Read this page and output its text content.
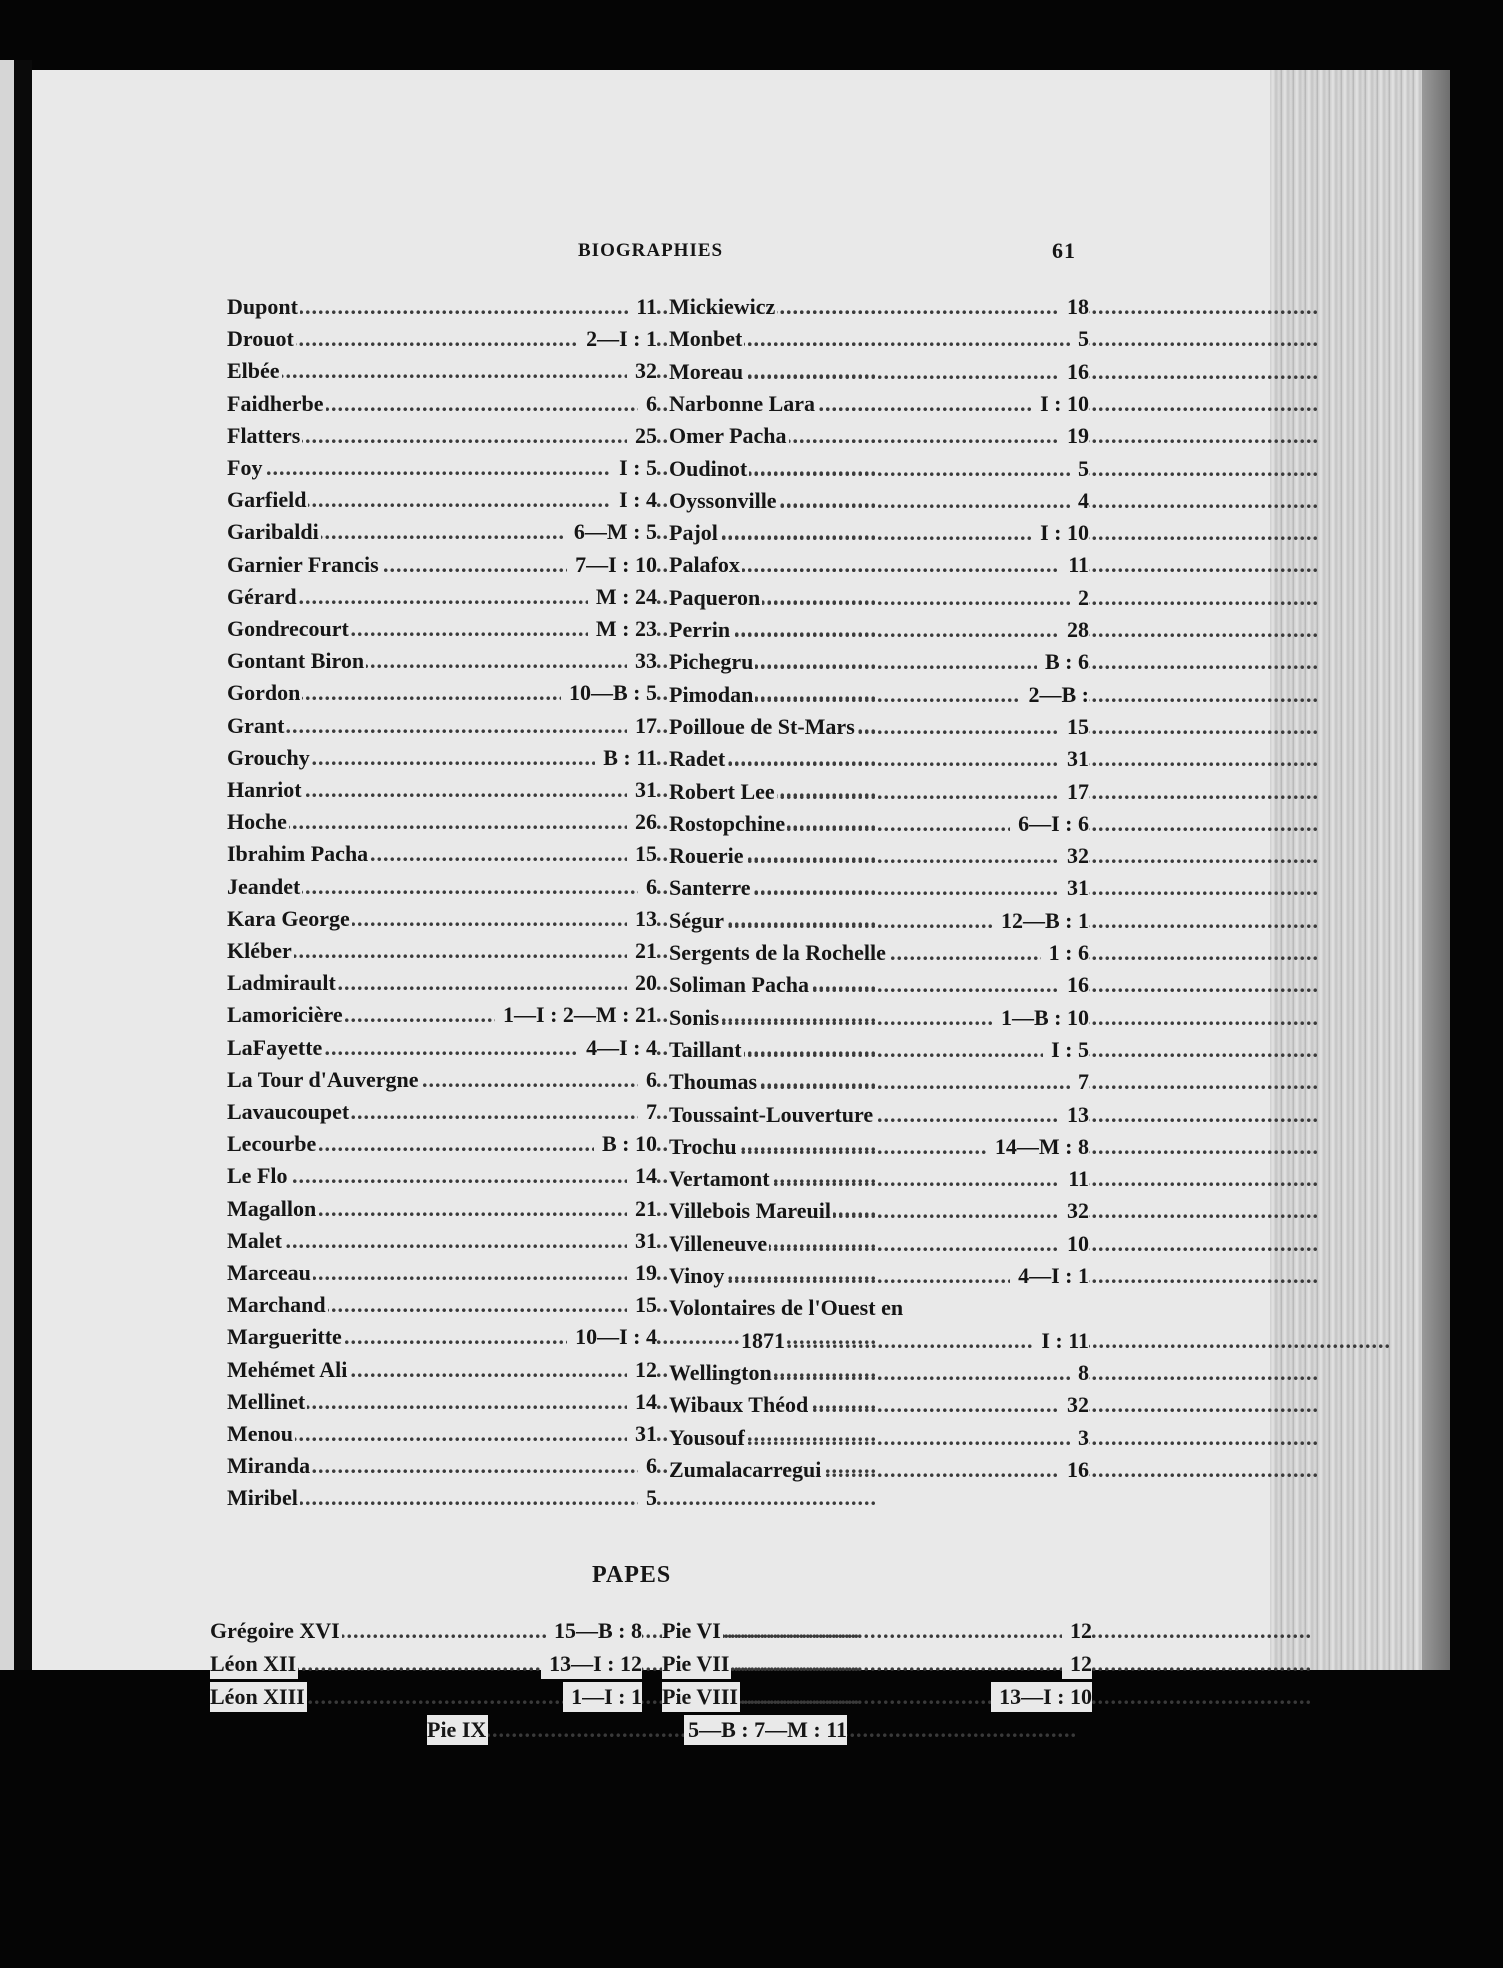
BIOGRAPHIES	61
PAPES
.....
Dupont	11
.....
Drouot	2—I : 1
.....
Elbée	32
.....
Faidherbe	6
.....
Flatters	25
.....
Foy	I : 5
.....
Garfield	I : 4
.....
Garibaldi	6—M : 5
.....
Garnier Francis	7—I : 10
.....
Gérard	M : 24
.....
Gondrecourt	M : 23
.....
Gontant Biron	33
.....
Gordon	10—B : 5
.....
Grant	17
.....
Grouchy	B : 11
.....
Hanriot	31
.....
Hoche	26
.....
Ibrahim Pacha	15
.....
Jeandet	6
.....
Kara George	13
.....
Kléber	21
.....
Ladmirault	20
.....
Lamoricière	1—I : 2—M : 21
.....
LaFayette	4—I : 4
.....
La Tour d'Auvergne	6
.....
Lavaucoupet	7
.....
Lecourbe	B : 10
.....
Le Flo	14
.....
Magallon	21
.....
Malet	31
.....
Marceau	19
.....
Marchand	15
.....
Margueritte	10—I : 4
.....
Mehémet Ali	12
.....
Mellinet	14
.....
Menou	31
.....
Miranda	6
.....
Miribel	5
.....
Mickiewicz	18
.....
Monbet	5
.....
Moreau	16
.....
Narbonne Lara	I : 10
.....
Omer Pacha	19
.....
Oudinot	5
.....
Oyssonville	4
.....
Pajol	I : 10
.....
Palafox	11
.....
Paqueron	2
.....
Perrin	28
.....
Pichegru	B : 6
.....
Pimodan	2—B :
.....
Poilloue de St-Mars	15
.....
Radet	31
.....
Robert Lee	17
.....
Rostopchine	6—I : 6
.....
Rouerie	32
.....
Santerre	31
.....
Ségur	12—B : 1
.....
Sergents de la Rochelle	1 : 6
.....
Soliman Pacha	16
.....
Sonis	1—B : 10
.....
Taillant	I : 5
.....
Thoumas	7
.....
Toussaint-Louverture	13
.....
Trochu	14—M : 8
.....
Vertamont	11
.....
Villebois Mareuil	32
.....
Villeneuve	10
.....
Vinoy	4—I : 1
Volontaires de l'Ouest en
.....
1871	I : 11
.....
Wellington	8
.....
Wibaux Théod	32
.....
Yousouf	3
.....
Zumalacarregui	16
.....
Grégoire XVI	15—B : 8
.....
Léon XII	13—I : 12
.....
Léon XIII	1—I : 1
.....
Pie VI	12
.....
Pie VII	12
.....
Pie VIII	13—I : 10
.....
Pie IX	5—B : 7—M : 11
